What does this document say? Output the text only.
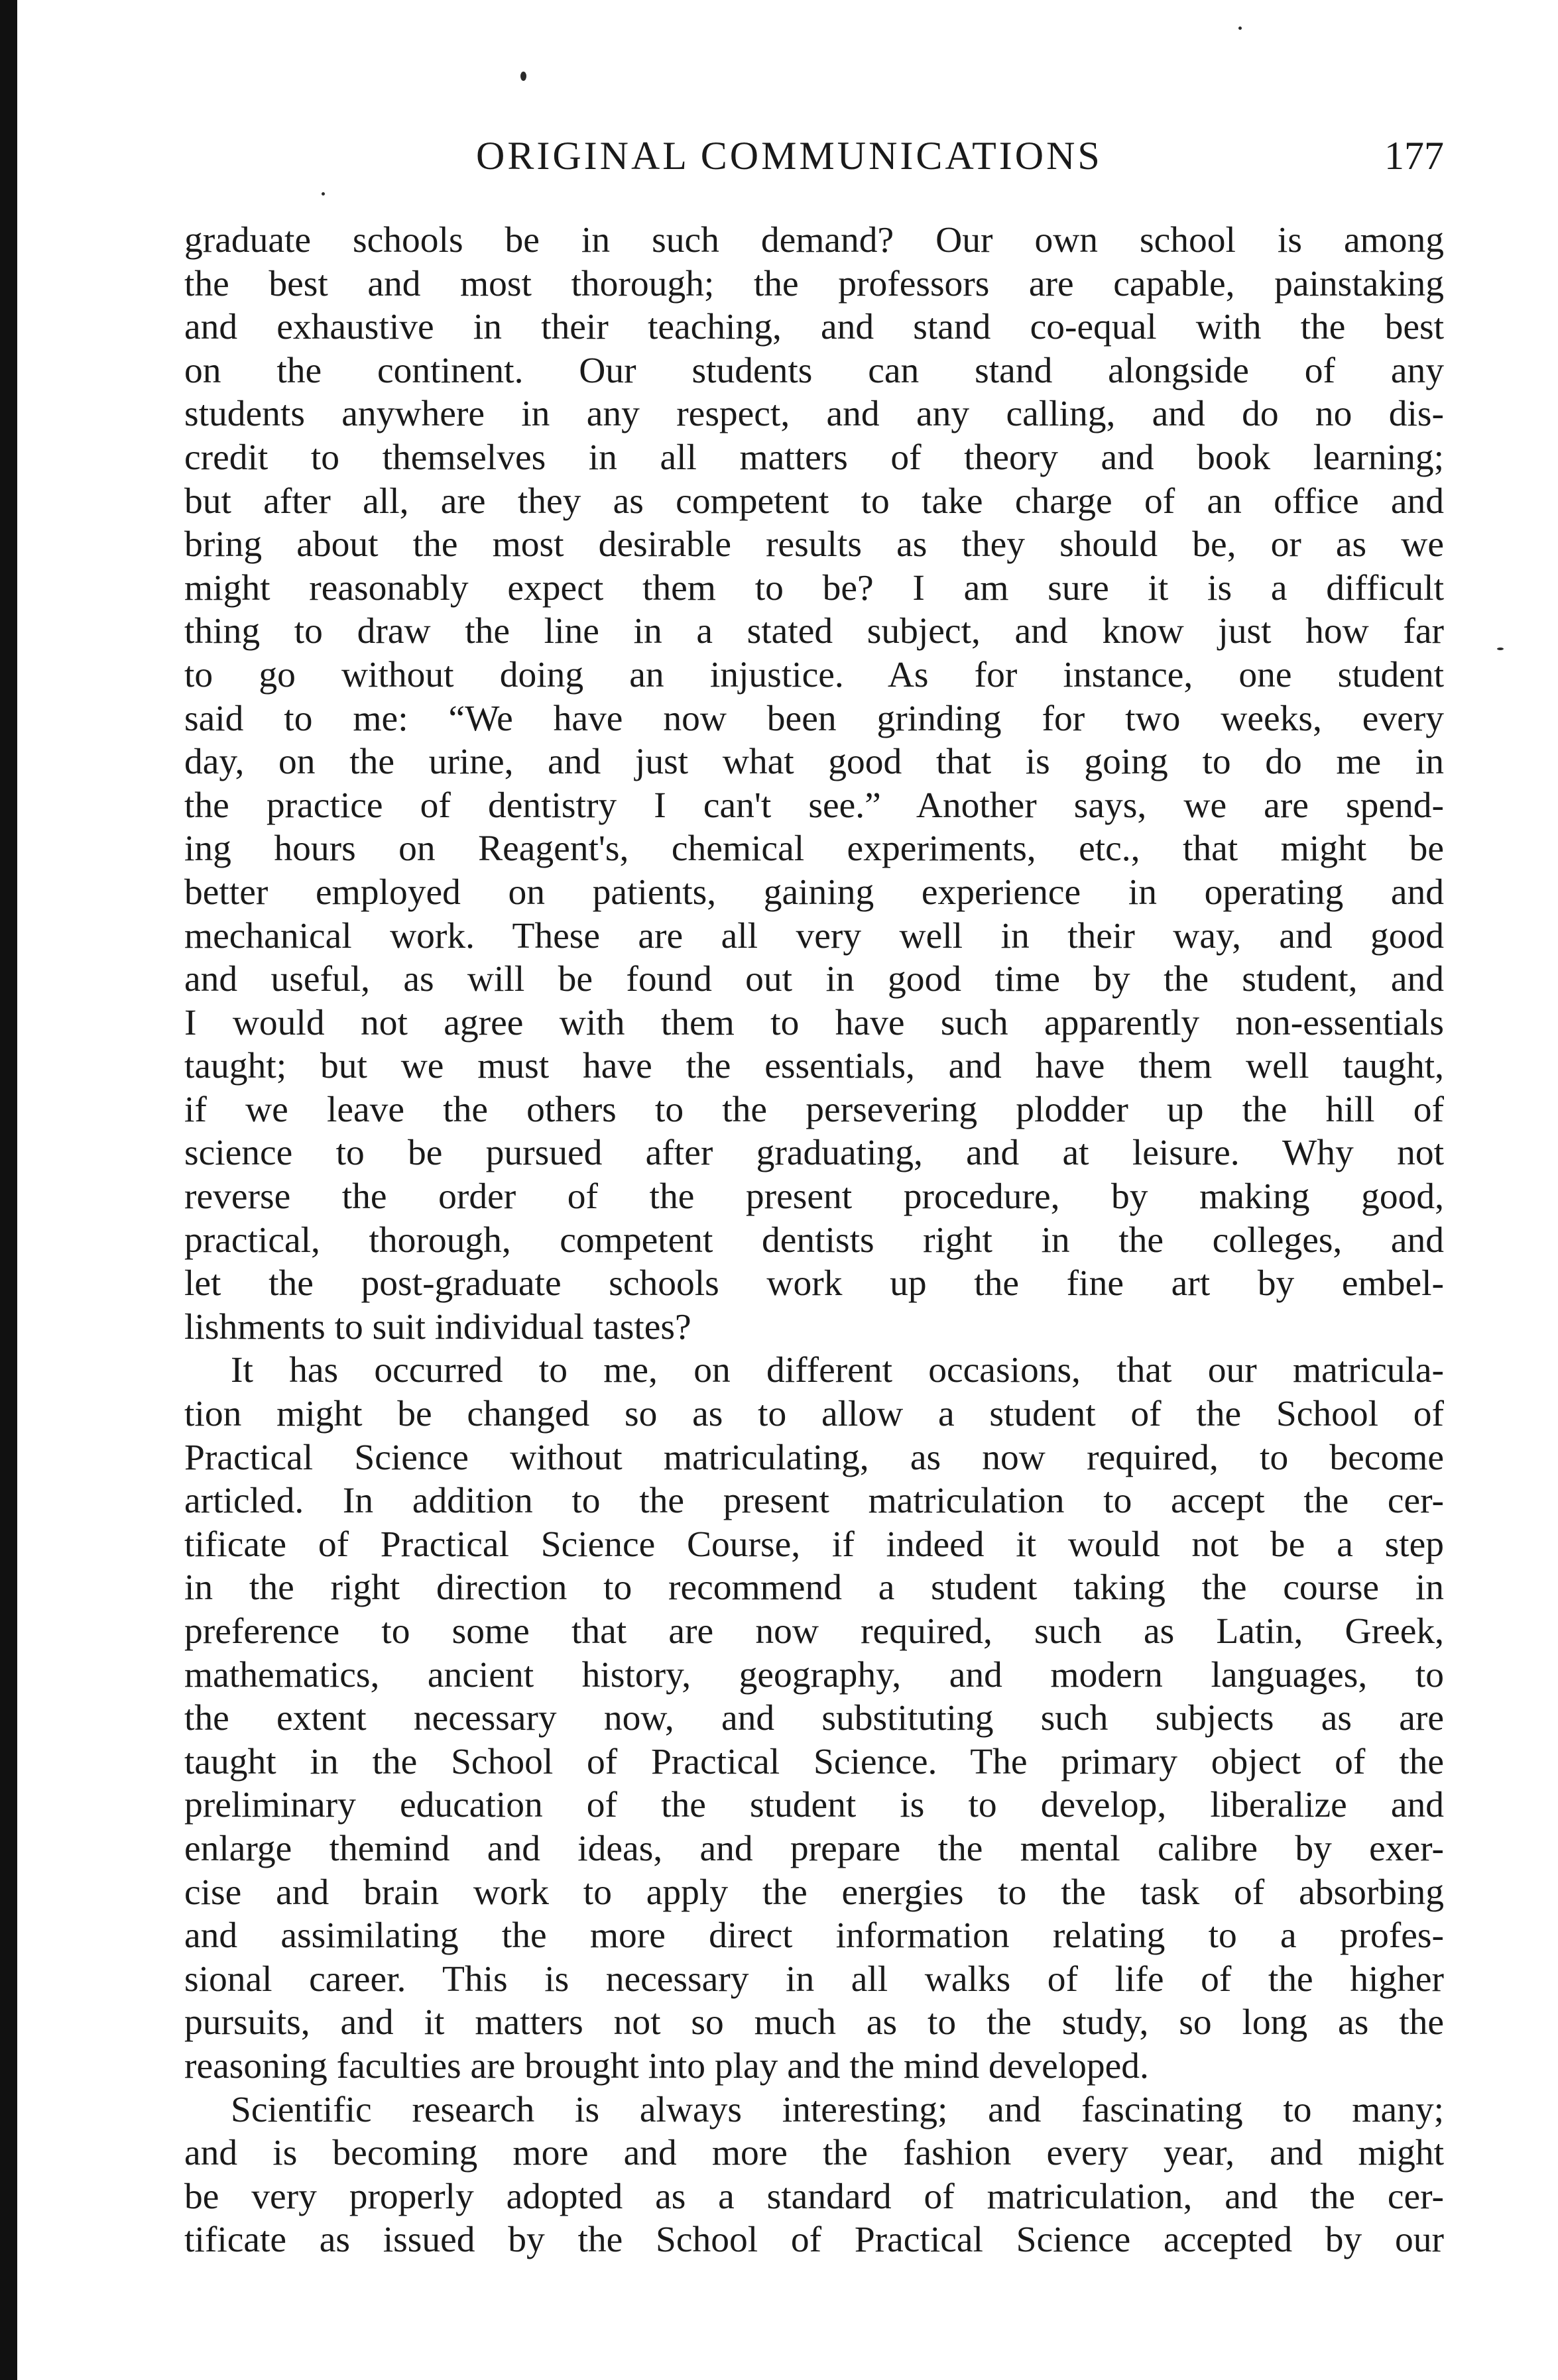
ORIGINAL COMMUNICATIONS	177
graduate schools be in such demand? Our own school is among
the best and most thorough; the professors are capable, painstaking
and exhaustive in their teaching, and stand co-equal with the best
on the continent. Our students can stand alongside of any
students anywhere in any respect, and any calling, and do no dis-
credit to themselves in all matters of theory and book learning;
but after all, are they as competent to take charge of an office and
bring about the most desirable results as they should be, or as we
might reasonably expect them to be? I am sure it is a difficult
thing to draw the line in a stated subject, and know just how far
to go without doing an injustice. As for instance, one student
said to me: “We have now been grinding for two weeks, every
day, on the urine, and just what good that is going to do me in
the practice of dentistry I can't see.” Another says, we are spend-
ing hours on Reagent's, chemical experiments, etc., that might be
better employed on patients, gaining experience in operating and
mechanical work. These are all very well in their way, and good
and useful, as will be found out in good time by the student, and
I would not agree with them to have such apparently non-essentials
taught; but we must have the essentials, and have them well taught,
if we leave the others to the persevering plodder up the hill of
science to be pursued after graduating, and at leisure. Why not
reverse the order of the present procedure, by making good,
practical, thorough, competent dentists right in the colleges, and
let the post-graduate schools work up the fine art by embel-
lishments to suit individual tastes?
It has occurred to me, on different occasions, that our matricula-
tion might be changed so as to allow a student of the School of
Practical Science without matriculating, as now required, to become
articled. In addition to the present matriculation to accept the cer-
tificate of Practical Science Course, if indeed it would not be a step
in the right direction to recommend a student taking the course in
preference to some that are now required, such as Latin, Greek,
mathematics, ancient history, geography, and modern languages, to
the extent necessary now, and substituting such subjects as are
taught in the School of Practical Science. The primary object of the
preliminary education of the student is to develop, liberalize and
enlarge themind and ideas, and prepare the mental calibre by exer-
cise and brain work to apply the energies to the task of absorbing
and assimilating the more direct information relating to a profes-
sional career. This is necessary in all walks of life of the higher
pursuits, and it matters not so much as to the study, so long as the
reasoning faculties are brought into play and the mind developed.
Scientific research is always interesting; and fascinating to many;
and is becoming more and more the fashion every year, and might
be very properly adopted as a standard of matriculation, and the cer-
tificate as issued by the School of Practical Science accepted by our
